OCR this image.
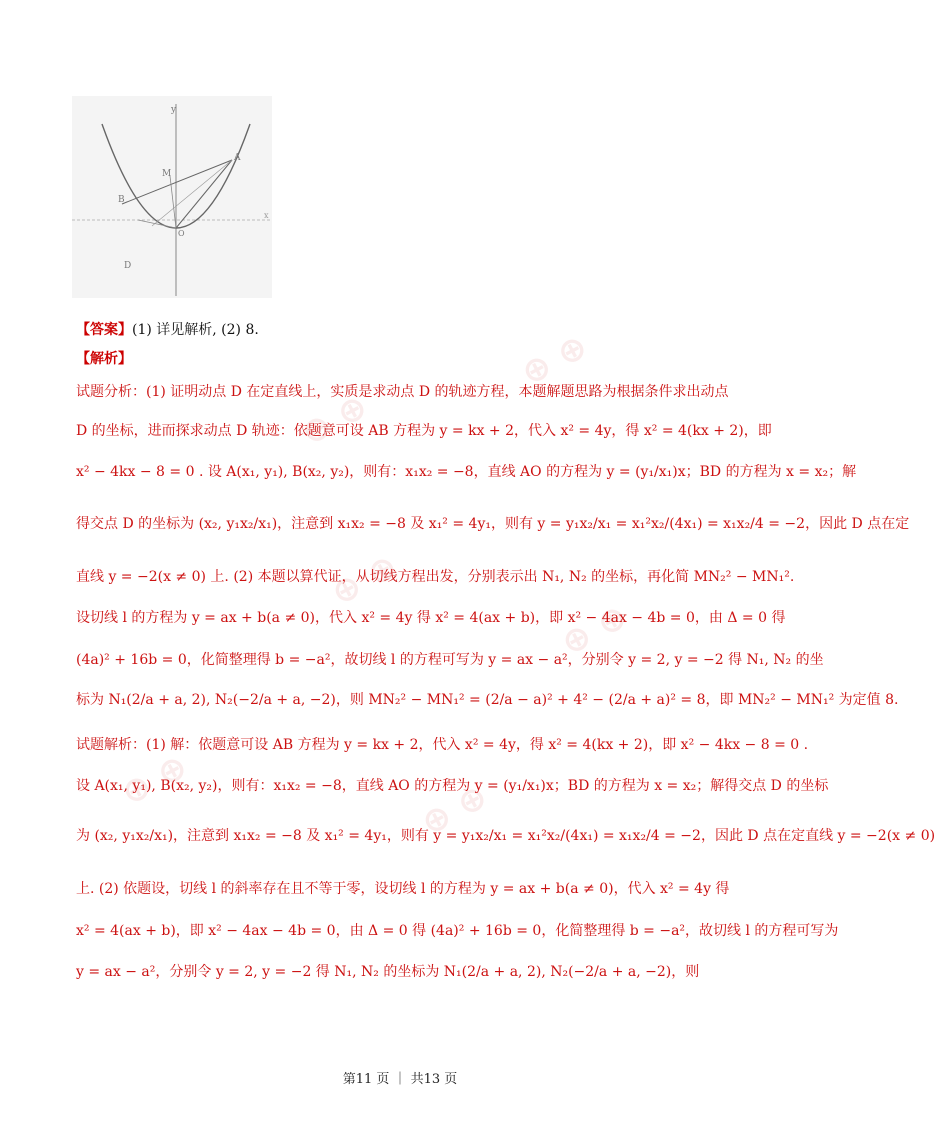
⊕ ⊕
⊕ ⊕
⊕ ⊕
⊕ ⊕
⊕ ⊕	⊕ ⊕
y
A
M
B
D
O
x
【答案】(1) 详见解析, (2) 8.
【解析】
试题分析：(1) 证明动点 D 在定直线上，实质是求动点 D 的轨迹方程，本题解题思路为根据条件求出动点
D 的坐标，进而探求动点 D 轨迹：依题意可设 AB 方程为 y = kx + 2，代入 x² = 4y，得 x² = 4(kx + 2)，即
x² − 4kx − 8 = 0 . 设 A(x₁, y₁), B(x₂, y₂)，则有：x₁x₂ = −8，直线 AO 的方程为 y = (y₁/x₁)x；BD 的方程为 x = x₂；解
得交点 D 的坐标为 (x₂, y₁x₂/x₁)，注意到 x₁x₂ = −8 及 x₁² = 4y₁，则有 y = y₁x₂/x₁ = x₁²x₂/(4x₁) = x₁x₂/4 = −2，因此 D 点在定
直线 y = −2(x ≠ 0) 上. (2) 本题以算代证，从切线方程出发，分别表示出 N₁, N₂ 的坐标，再化简 MN₂² − MN₁².
设切线 l 的方程为 y = ax + b(a ≠ 0)，代入 x² = 4y 得 x² = 4(ax + b)，即 x² − 4ax − 4b = 0，由 Δ = 0 得
(4a)² + 16b = 0，化简整理得 b = −a²，故切线 l 的方程可写为 y = ax − a²，分别令 y = 2, y = −2 得 N₁, N₂ 的坐
标为 N₁(2/a + a, 2), N₂(−2/a + a, −2)，则 MN₂² − MN₁² = (2/a − a)² + 4² − (2/a + a)² = 8，即 MN₂² − MN₁² 为定值 8.
试题解析：(1) 解：依题意可设 AB 方程为 y = kx + 2，代入 x² = 4y，得 x² = 4(kx + 2)，即 x² − 4kx − 8 = 0 .
设 A(x₁, y₁), B(x₂, y₂)，则有：x₁x₂ = −8，直线 AO 的方程为 y = (y₁/x₁)x；BD 的方程为 x = x₂；解得交点 D 的坐标
为 (x₂, y₁x₂/x₁)，注意到 x₁x₂ = −8 及 x₁² = 4y₁，则有 y = y₁x₂/x₁ = x₁²x₂/(4x₁) = x₁x₂/4 = −2，因此 D 点在定直线 y = −2(x ≠ 0)
上. (2) 依题设，切线 l 的斜率存在且不等于零，设切线 l 的方程为 y = ax + b(a ≠ 0)，代入 x² = 4y 得
x² = 4(ax + b)，即 x² − 4ax − 4b = 0，由 Δ = 0 得 (4a)² + 16b = 0，化简整理得 b = −a²，故切线 l 的方程可写为
y = ax − a²，分别令 y = 2, y = −2 得 N₁, N₂ 的坐标为 N₁(2/a + a, 2), N₂(−2/a + a, −2)，则
第11 页 ｜ 共13 页
